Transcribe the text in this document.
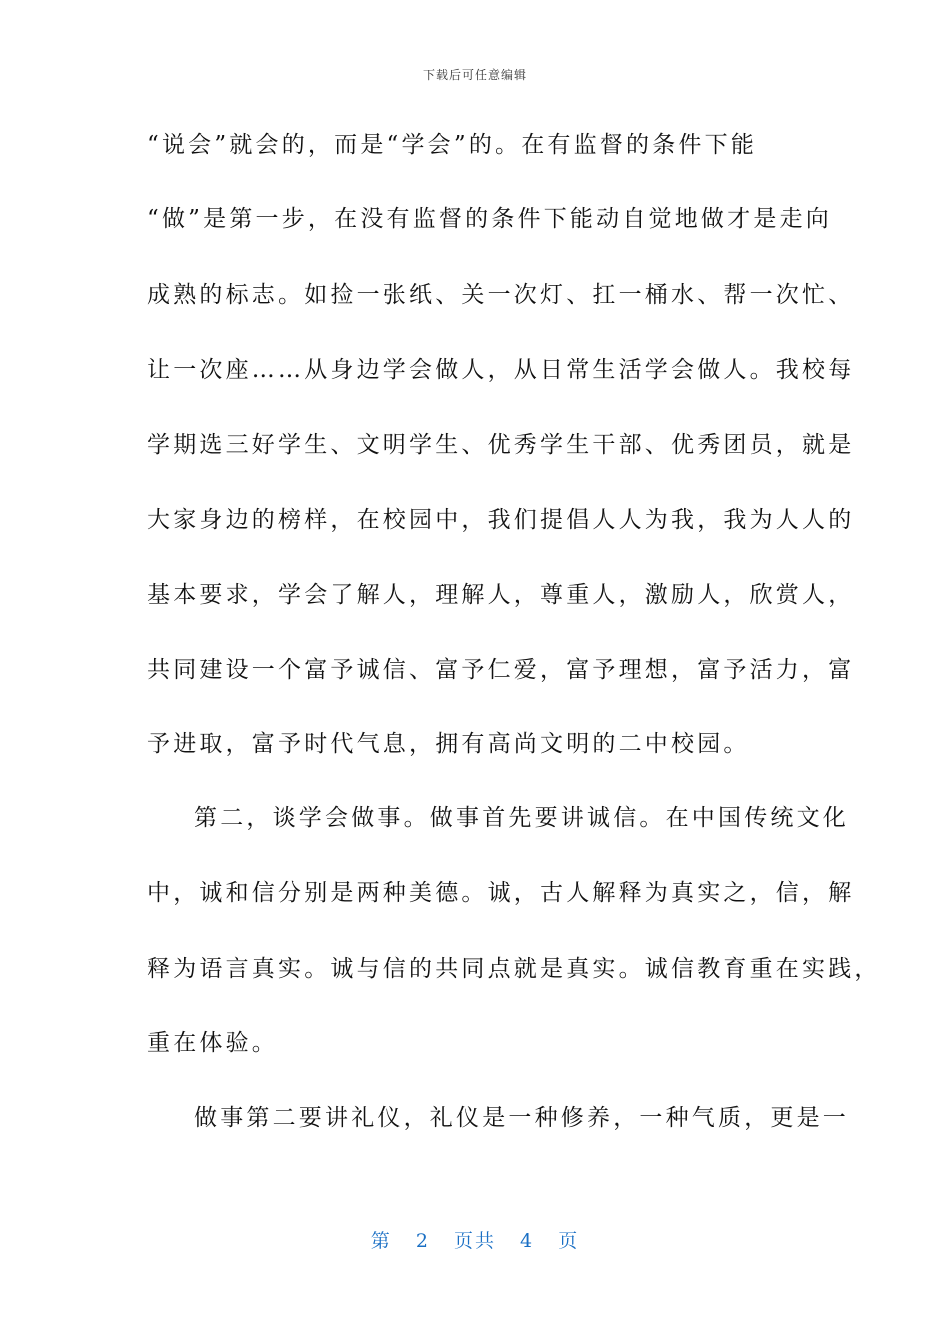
下载后可任意编辑
“说会”就会的，而是“学会”的。在有监督的条件下能
“做”是第一步，在没有监督的条件下能动自觉地做才是走向
成熟的标志。如捡一张纸、关一次灯、扛一桶水、帮一次忙、
让一次座……从身边学会做人，从日常生活学会做人。我校每
学期选三好学生、文明学生、优秀学生干部、优秀团员，就是
大家身边的榜样，在校园中，我们提倡人人为我，我为人人的
基本要求，学会了解人，理解人，尊重人，激励人，欣赏人，
共同建设一个富予诚信、富予仁爱，富予理想，富予活力，富
予进取，富予时代气息，拥有高尚文明的二中校园。
第二，谈学会做事。做事首先要讲诚信。在中国传统文化
中，诚和信分别是两种美德。诚，古人解释为真实之，信，解
释为语言真实。诚与信的共同点就是真实。诚信教育重在实践，
重在体验。
做事第二要讲礼仪，礼仪是一种修养，一种气质，更是一
第 2 页共 4 页
